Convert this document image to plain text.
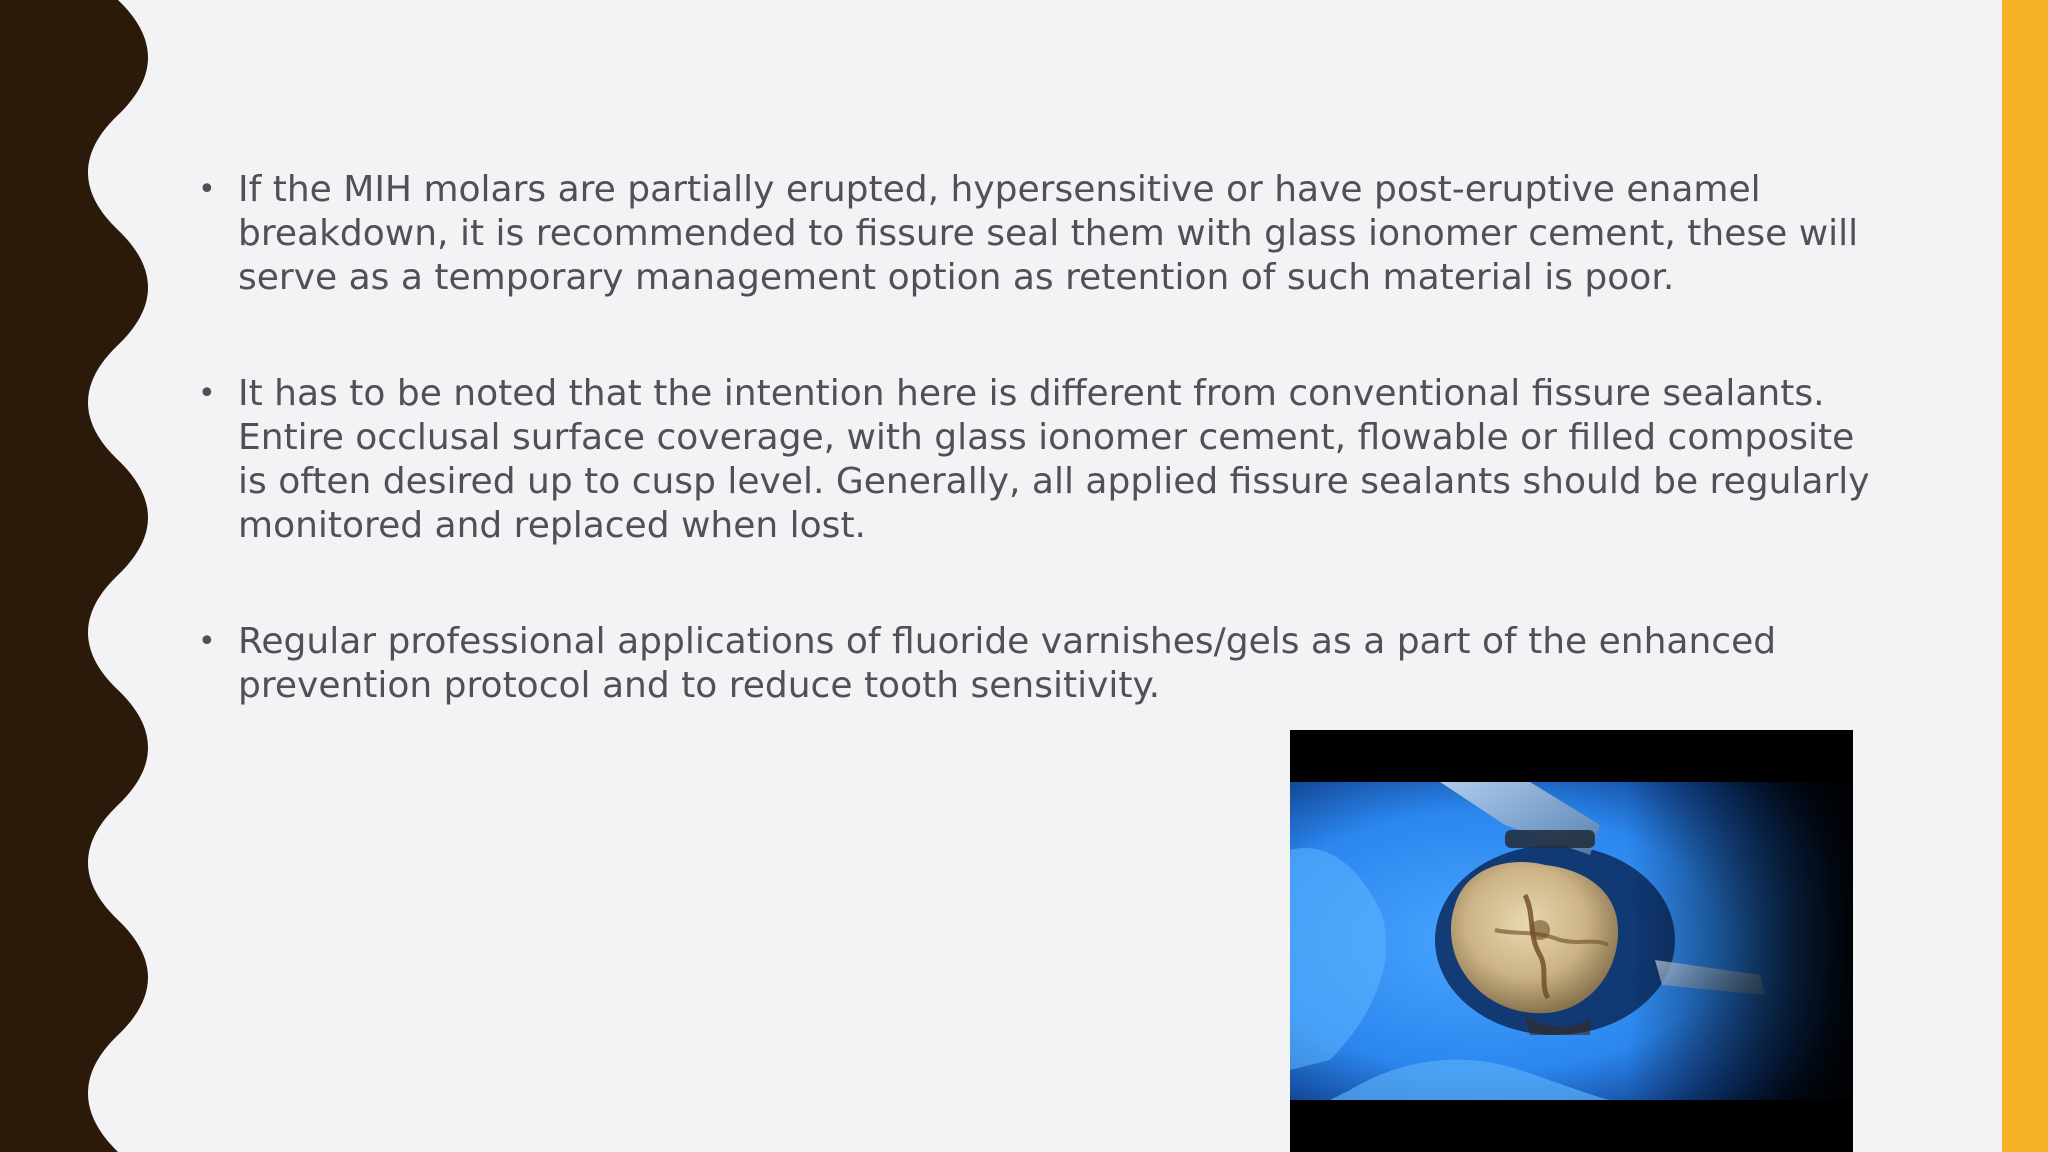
• If the MIH molars are partially erupted, hypersensitive or have post-eruptive enamel breakdown, it is recommended to fissure seal them with glass ionomer cement, these will serve as a temporary management option as retention of such material is poor.
• It has to be noted that the intention here is different from conventional fissure sealants. Entire occlusal surface coverage, with glass ionomer cement, flowable or filled composite is often desired up to cusp level. Generally, all applied fissure sealants should be regularly monitored and replaced when lost.
• Regular professional applications of fluoride varnishes/gels as a part of the enhanced prevention protocol and to reduce tooth sensitivity.
